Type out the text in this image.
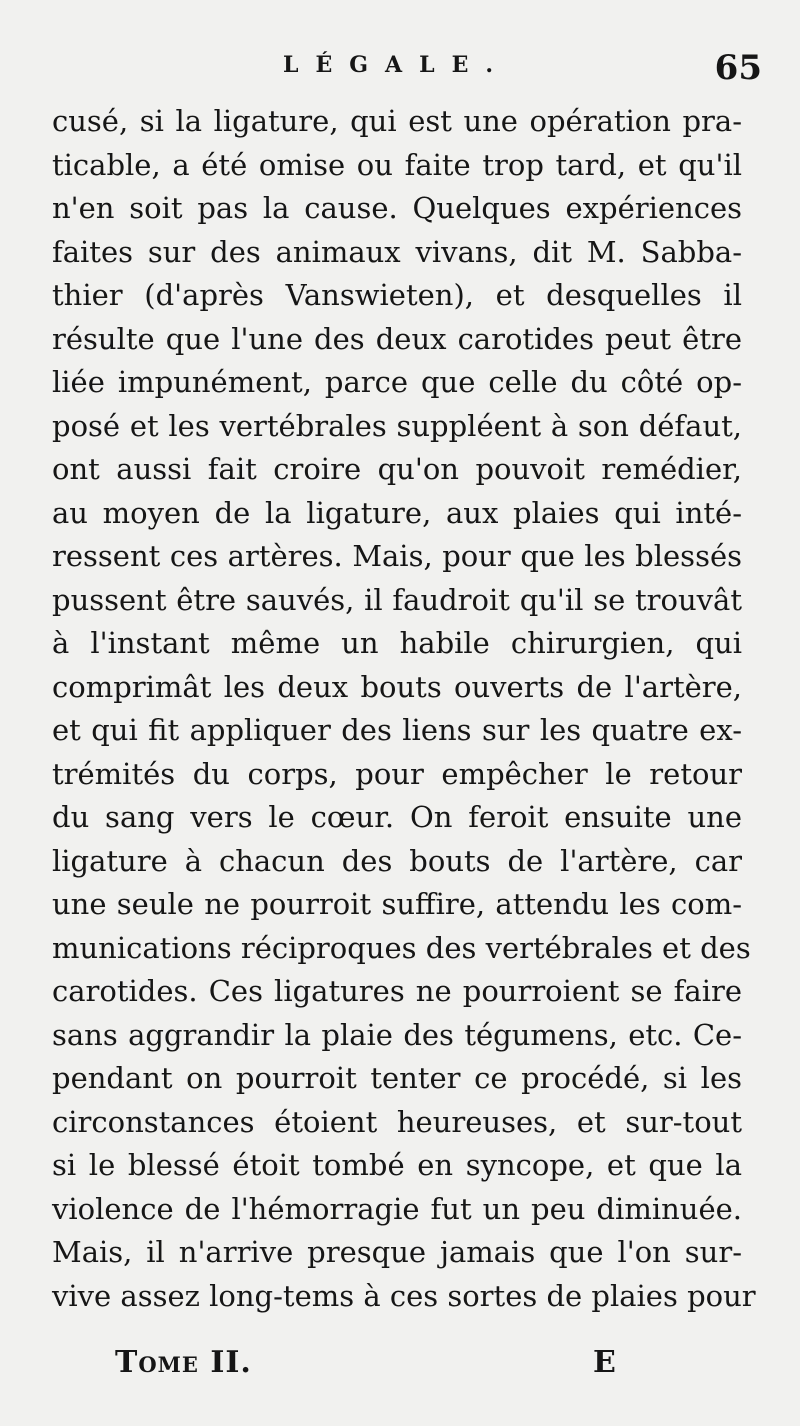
LÉGALE.	65
cusé, si la ligature, qui est une opération pra-
ticable, a été omise ou faite trop tard, et qu'il
n'en soit pas la cause. Quelques expériences
faites sur des animaux vivans, dit M. Sabba-
thier (d'après Vanswieten), et desquelles il
résulte que l'une des deux carotides peut être
liée impunément, parce que celle du côté op-
posé et les vertébrales suppléent à son défaut,
ont aussi fait croire qu'on pouvoit remédier,
au moyen de la ligature, aux plaies qui inté-
ressent ces artères. Mais, pour que les blessés
pussent être sauvés, il faudroit qu'il se trouvât
à l'instant même un habile chirurgien, qui
comprimât les deux bouts ouverts de l'artère,
et qui fit appliquer des liens sur les quatre ex-
trémités du corps, pour empêcher le retour
du sang vers le cœur. On feroit ensuite une
ligature à chacun des bouts de l'artère, car
une seule ne pourroit suffire, attendu les com-
munications réciproques des vertébrales et des
carotides. Ces ligatures ne pourroient se faire
sans aggrandir la plaie des tégumens, etc. Ce-
pendant on pourroit tenter ce procédé, si les
circonstances étoient heureuses, et sur-tout
si le blessé étoit tombé en syncope, et que la
violence de l'hémorragie fut un peu diminuée.
Mais, il n'arrive presque jamais que l'on sur-
vive assez long-tems à ces sortes de plaies pour
Tome II.	E
